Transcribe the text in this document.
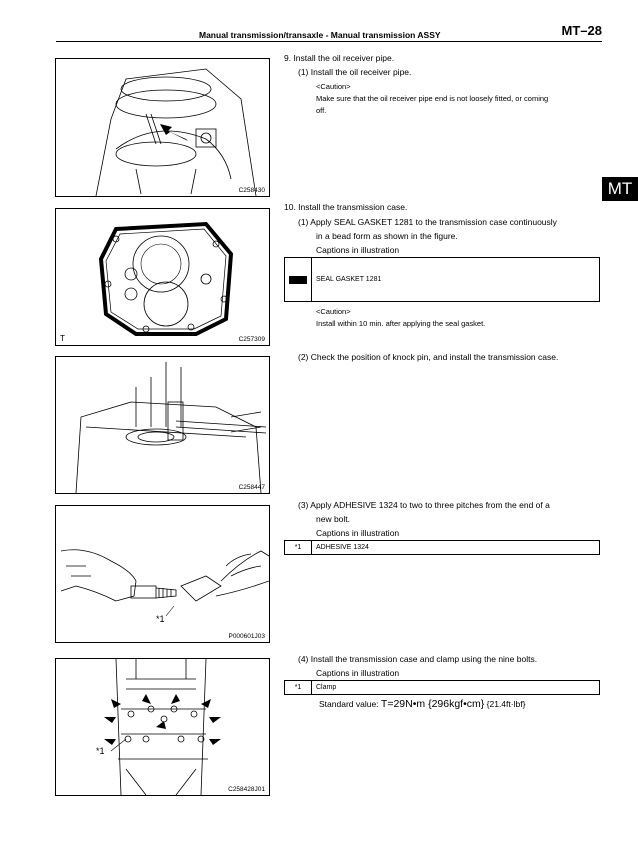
Manual transmission/transaxle - Manual transmission ASSY	MT–28
MT
C258430
T	C257309
C258447
*1
P000601J03
*1
C258428J01
9. Install the oil receiver pipe.
(1) Install the oil receiver pipe.
<Caution>
Make sure that the oil receiver pipe end is not loosely fitted, or coming
off.
10. Install the transmission case.
(1) Apply SEAL GASKET 1281 to the transmission case continuously
in a bead form as shown in the figure.
Captions in illustration
SEAL GASKET 1281
<Caution>
Install within 10 min. after applying the seal gasket.
(2) Check the position of knock pin, and install the transmission case.
(3) Apply ADHESIVE 1324 to two to three pitches from the end of a
new bolt.
Captions in illustration
*1	ADHESIVE 1324
(4) Install the transmission case and clamp using the nine bolts.
Captions in illustration
*1	Clamp
Standard value: T=29N•m {296kgf•cm} {21.4ft·lbf}
